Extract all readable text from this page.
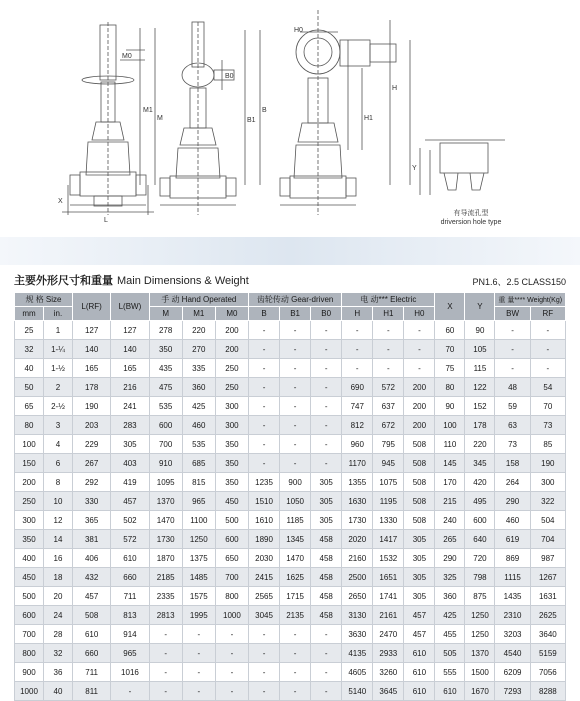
M0
M1
M
L
X
B0
B1
B
H0
H1
H
Y
有导流孔型
driversion hole type
主要外形尺寸和重量 Main Dimensions & Weight	PN1.6、2.5 CLASS150
规 格 Size		L(RF)	L(BW)	手 动 Hand Operated			齿轮传动 Gear-driven			电 动*** Electric			X	Y	重 量**** Weight(Kg)	
mm	in.			M	M1	M0	B	B1	B0	H	H1	H0			BW	RF
25	1	127	127	278	220	200	-	-	-	-	-	-	60	90	-	-
32	1-¼	140	140	350	270	200	-	-	-	-	-	-	70	105	-	-
40	1-½	165	165	435	335	250	-	-	-	-	-	-	75	115	-	-
50	2	178	216	475	360	250	-	-	-	690	572	200	80	122	48	54
65	2-½	190	241	535	425	300	-	-	-	747	637	200	90	152	59	70
80	3	203	283	600	460	300	-	-	-	812	672	200	100	178	63	73
100	4	229	305	700	535	350	-	-	-	960	795	508	110	220	73	85
150	6	267	403	910	685	350	-	-	-	1170	945	508	145	345	158	190
200	8	292	419	1095	815	350	1235	900	305	1355	1075	508	170	420	264	300
250	10	330	457	1370	965	450	1510	1050	305	1630	1195	508	215	495	290	322
300	12	365	502	1470	1100	500	1610	1185	305	1730	1330	508	240	600	460	504
350	14	381	572	1730	1250	600	1890	1345	458	2020	1417	305	265	640	619	704
400	16	406	610	1870	1375	650	2030	1470	458	2160	1532	305	290	720	869	987
450	18	432	660	2185	1485	700	2415	1625	458	2500	1651	305	325	798	1115	1267
500	20	457	711	2335	1575	800	2565	1715	458	2650	1741	305	360	875	1435	1631
600	24	508	813	2813	1995	1000	3045	2135	458	3130	2161	457	425	1250	2310	2625
700	28	610	914	-	-	-	-	-	-	3630	2470	457	455	1250	3203	3640
800	32	660	965	-	-	-	-	-	-	4135	2933	610	505	1370	4540	5159
900	36	711	1016	-	-	-	-	-	-	4605	3260	610	555	1500	6209	7056
1000	40	811	-	-	-	-	-	-	-	5140	3645	610	610	1670	7293	8288
